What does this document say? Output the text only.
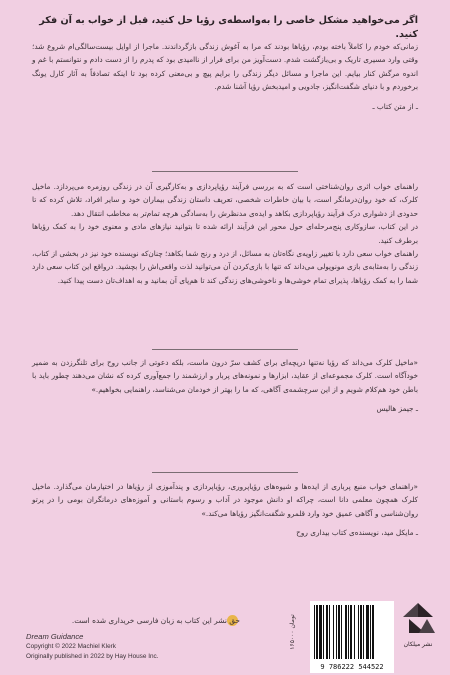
اگر می‌خواهید مشکل خاصی را به‌واسطه‌ی رؤیا حل کنید، قبل از خواب به آن فکر کنید.

زمانی‌که خودم را کاملاً باخته بودم، رؤیاها بودند که مرا به آغوش زندگی بازگرداندند. ماجرا از اوایل بیست‌سالگی‌ام شروع شد؛ وقتی وارد مسیری تاریک و بی‌بازگشت شدم. دست‌آویز من برای فرار از ناامیدی بود که پدرم را از دست دادم و نتوانستم با غم و اندوه مرگش کنار بیایم. این ماجرا و مسائل دیگر زندگی را برایم پیچ و بی‌معنی کرده بود تا اینکه تصادفاً به آثار کارل یونگ برخوردم و با دنیای شگفت‌انگیز، جادویی و امیدبخش رؤیا آشنا شدم.

ـ از متن کتاب ـ

راهنمای خواب اثری روان‌شناختی است که به بررسی فرآیند رؤیاپردازی و به‌کارگیری آن در زندگی روزمره می‌پردازد. ماخیل کلرک، که خود روان‌درمانگر است، با بیان خاطرات شخصی، تعریف داستان زندگی بیماران خود و سایر افراد، تلاش کرده که تا حدودی از دشواری درک فرآیند رؤیاپردازی بکاهد و ایده‌ی مدنظرش را به‌سادگی هرچه تمام‌تر به مخاطب انتقال دهد.

در این کتاب، سازوکاری پنج‌مرحله‌ای حول محور این فرآیند ارائه شده تا بتوانید نیازهای مادی و معنوی خود را به کمک رؤیاها برطرف کنید.

راهنمای خواب سعی دارد با تغییر زاویه‌ی نگاه‌تان به مسائل، از درد و رنج شما بکاهد؛ چنان‌که نویسنده خود نیز در بخشی از کتاب، زندگی را به‌مثابه‌ی بازی مونوپولی می‌داند که تنها با بازی‌کردن آن می‌توانید لذت واقعی‌اش را بچشید. درواقع این کتاب سعی دارد شما را به کمک رؤیاها، پذیرای تمام خوشی‌ها و ناخوشی‌های زندگی کند تا هم‌پای آن بمانید و به اهداف‌تان دست پیدا کنید.

«ماخیل کلرک می‌داند که رؤیا نه‌تنها دریچه‌ای برای کشف سرّ درون ماست، بلکه دعوتی از جانب روح برای تلنگرزدن به ضمیر خودآگاه است. کلرک مجموعه‌ای از عقاید، ابزارها و نمونه‌های پربار و ارزشمند را جمع‌آوری کرده که نشان می‌دهند چطور باید با باطن خود هم‌کلام شویم و از این سرچشمه‌ی آگاهی، که ما را بهتر از خودمان می‌شناسد، راهنمایی بخواهیم.»

ـ جیمز هالیس

«راهنمای خواب منبع پرباری از ایده‌ها و شیوه‌های رؤیاپروری، رؤیاپردازی و پندآموزی از رؤیاها در اختیارمان می‌گذارد. ماخیل کلرک همچون معلمی دانا است، چراکه او دانش موجود در آداب و رسوم باستانی و آموزه‌های درمانگران بومی را در پرتو روان‌شناسی و آگاهی عمیق خود وارد قلمرو شگفت‌انگیز رؤیاها می‌کند.»

ـ مایکل مید، نویسنده‌ی کتاب بیداری روح

حق نشر این کتاب به زبان فارسی خریداری شده است.
Dream Guidance
Copyright © 2022 Machiel Klerk
Originally published in 2022 by Hay House Inc.
۱۶۵۰۰۰ تومان
9 786222 544522
نشر میلکان
